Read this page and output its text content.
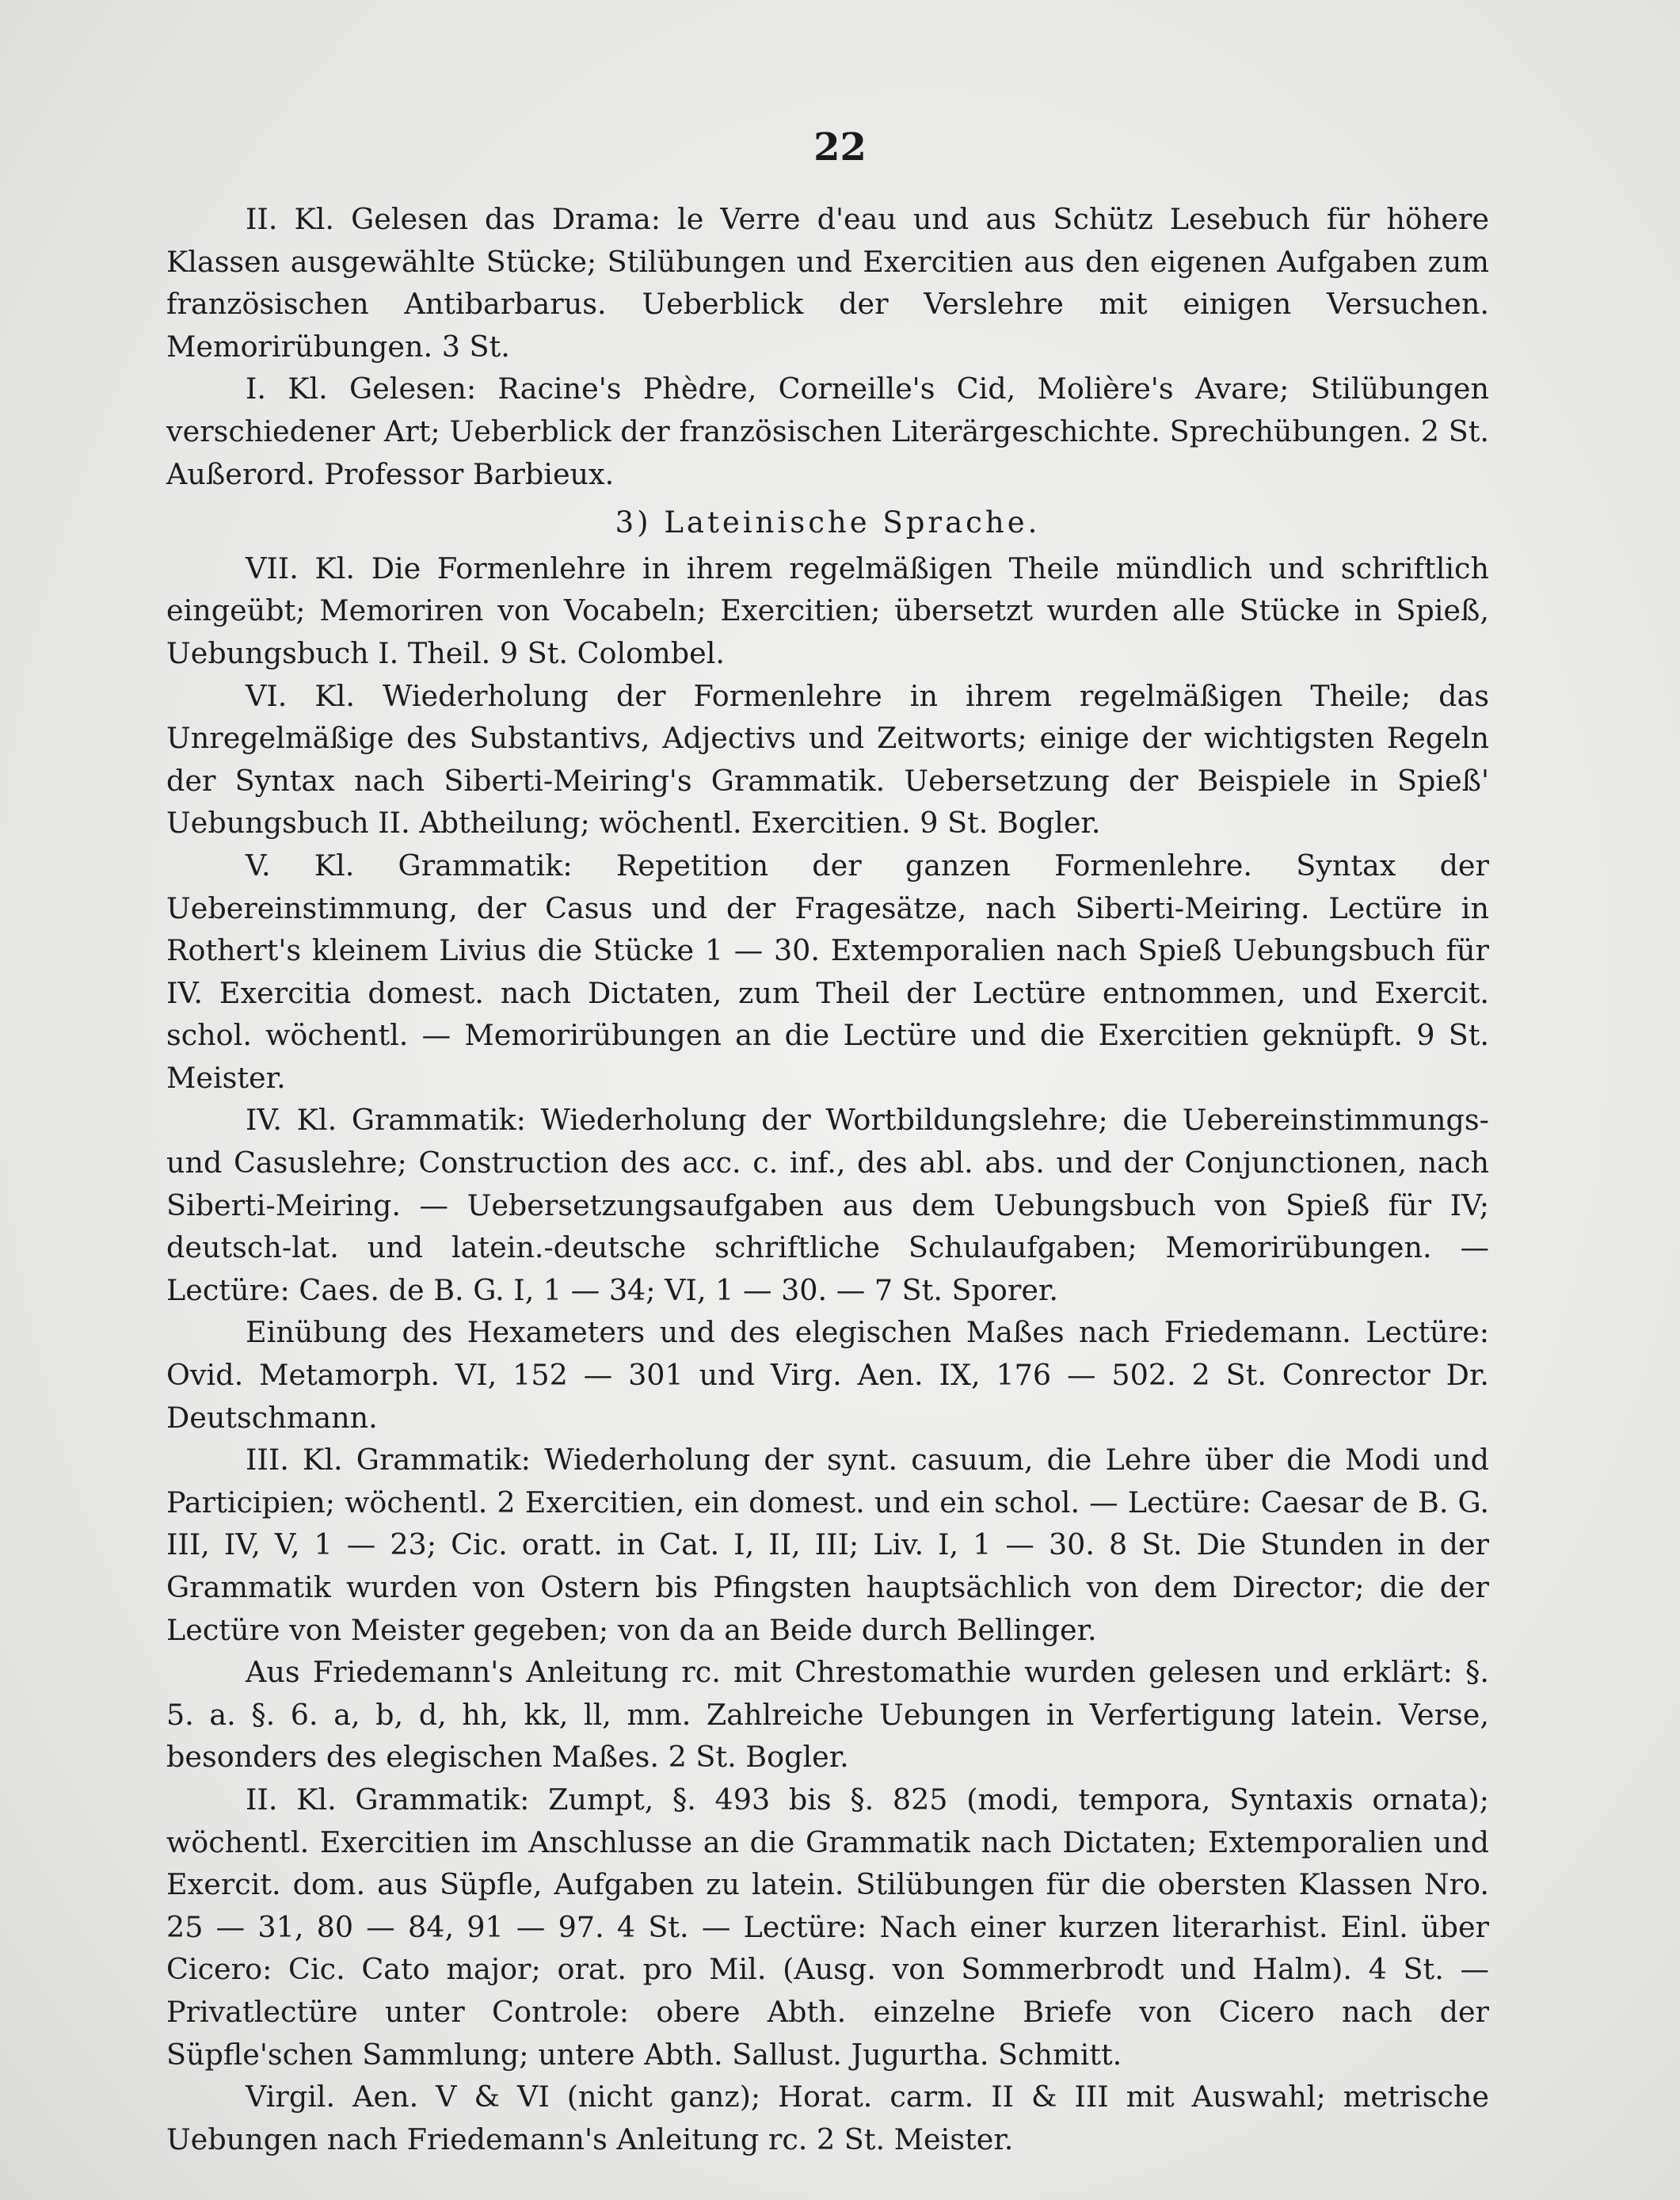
22

II. Kl. Gelesen das Drama: le Verre d'eau und aus Schütz Lesebuch für höhere Klassen ausgewählte Stücke; Stilübungen und Exercitien aus den eigenen Aufgaben zum französischen Antibarbarus. Ueberblick der Verslehre mit einigen Versuchen. Memorirübungen. 3 St.

I. Kl. Gelesen: Racine's Phèdre, Corneille's Cid, Molière's Avare; Stilübungen verschiedener Art; Ueberblick der französischen Literärgeschichte. Sprechübungen. 2 St. Außerord. Professor Barbieux.

3) Lateinische Sprache.

VII. Kl. Die Formenlehre in ihrem regelmäßigen Theile mündlich und schriftlich eingeübt; Memoriren von Vocabeln; Exercitien; übersetzt wurden alle Stücke in Spieß, Uebungsbuch I. Theil. 9 St. Colombel.

VI. Kl. Wiederholung der Formenlehre in ihrem regelmäßigen Theile; das Unregelmäßige des Substantivs, Adjectivs und Zeitworts; einige der wichtigsten Regeln der Syntax nach Siberti-Meiring's Grammatik. Uebersetzung der Beispiele in Spieß' Uebungsbuch II. Abtheilung; wöchentl. Exercitien. 9 St. Bogler.

V. Kl. Grammatik: Repetition der ganzen Formenlehre. Syntax der Uebereinstimmung, der Casus und der Fragesätze, nach Siberti-Meiring. Lectüre in Rothert's kleinem Livius die Stücke 1 — 30. Extemporalien nach Spieß Uebungsbuch für IV. Exercitia domest. nach Dictaten, zum Theil der Lectüre entnommen, und Exercit. schol. wöchentl. — Memorirübungen an die Lectüre und die Exercitien geknüpft. 9 St. Meister.

IV. Kl. Grammatik: Wiederholung der Wortbildungslehre; die Uebereinstimmungs- und Casuslehre; Construction des acc. c. inf., des abl. abs. und der Conjunctionen, nach Siberti-Meiring. — Uebersetzungsaufgaben aus dem Uebungsbuch von Spieß für IV; deutsch-lat. und latein.-deutsche schriftliche Schulaufgaben; Memorirübungen. — Lectüre: Caes. de B. G. I, 1 — 34; VI, 1 — 30. — 7 St. Sporer.

Einübung des Hexameters und des elegischen Maßes nach Friedemann. Lectüre: Ovid. Metamorph. VI, 152 — 301 und Virg. Aen. IX, 176 — 502. 2 St. Conrector Dr. Deutschmann.

III. Kl. Grammatik: Wiederholung der synt. casuum, die Lehre über die Modi und Participien; wöchentl. 2 Exercitien, ein domest. und ein schol. — Lectüre: Caesar de B. G. III, IV, V, 1 — 23; Cic. oratt. in Cat. I, II, III; Liv. I, 1 — 30. 8 St. Die Stunden in der Grammatik wurden von Ostern bis Pfingsten hauptsächlich von dem Director; die der Lectüre von Meister gegeben; von da an Beide durch Bellinger.

Aus Friedemann's Anleitung rc. mit Chrestomathie wurden gelesen und erklärt: §. 5. a. §. 6. a, b, d, hh, kk, ll, mm. Zahlreiche Uebungen in Verfertigung latein. Verse, besonders des elegischen Maßes. 2 St. Bogler.

II. Kl. Grammatik: Zumpt, §. 493 bis §. 825 (modi, tempora, Syntaxis ornata); wöchentl. Exercitien im Anschlusse an die Grammatik nach Dictaten; Extemporalien und Exercit. dom. aus Süpfle, Aufgaben zu latein. Stilübungen für die obersten Klassen Nro. 25 — 31, 80 — 84, 91 — 97. 4 St. — Lectüre: Nach einer kurzen literarhist. Einl. über Cicero: Cic. Cato major; orat. pro Mil. (Ausg. von Sommerbrodt und Halm). 4 St. — Privatlectüre unter Controle: obere Abth. einzelne Briefe von Cicero nach der Süpfle'schen Sammlung; untere Abth. Sallust. Jugurtha. Schmitt.

Virgil. Aen. V & VI (nicht ganz); Horat. carm. II & III mit Auswahl; metrische Uebungen nach Friedemann's Anleitung rc. 2 St. Meister.
